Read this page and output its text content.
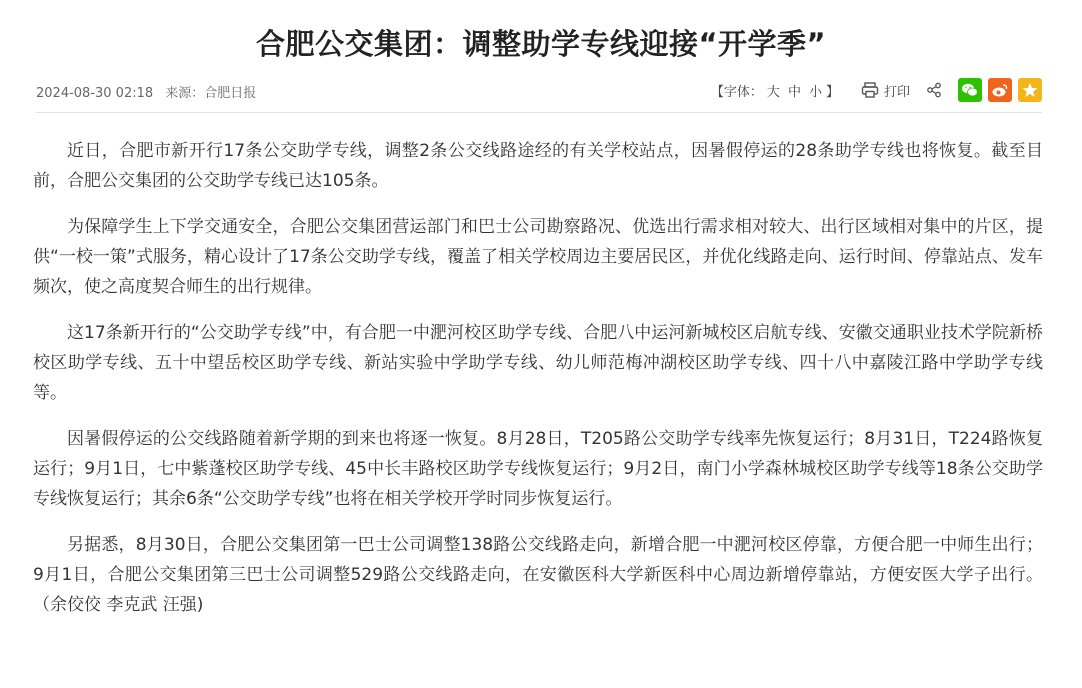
合肥公交集团：调整助学专线迎接“开学季”
2024-08-30 02:18 来源：合肥日报	【字体： 大 中 小 】	打印

近日，合肥市新开行17条公交助学专线，调整2条公交线路途经的有关学校站点，因暑假停运的28条助学专线也将恢复。截至目前，合肥公交集团的公交助学专线已达105条。

为保障学生上下学交通安全，合肥公交集团营运部门和巴士公司勘察路况、优选出行需求相对较大、出行区域相对集中的片区，提供“一校一策”式服务，精心设计了17条公交助学专线，覆盖了相关学校周边主要居民区，并优化线路走向、运行时间、停靠站点、发车频次，使之高度契合师生的出行规律。

这17条新开行的“公交助学专线”中，有合肥一中淝河校区助学专线、合肥八中运河新城校区启航专线、安徽交通职业技术学院新桥校区助学专线、五十中望岳校区助学专线、新站实验中学助学专线、幼儿师范梅冲湖校区助学专线、四十八中嘉陵江路中学助学专线等。

因暑假停运的公交线路随着新学期的到来也将逐一恢复。8月28日，T205路公交助学专线率先恢复运行；8月31日，T224路恢复运行；9月1日，七中紫蓬校区助学专线、45中长丰路校区助学专线恢复运行；9月2日，南门小学森林城校区助学专线等18条公交助学专线恢复运行；其余6条“公交助学专线”也将在相关学校开学时同步恢复运行。

另据悉，8月30日，合肥公交集团第一巴士公司调整138路公交线路走向，新增合肥一中淝河校区停靠，方便合肥一中师生出行；9月1日，合肥公交集团第三巴士公司调整529路公交线路走向，在安徽医科大学新医科中心周边新增停靠站，方便安医大学子出行。（余佼佼 李克武 汪强)
